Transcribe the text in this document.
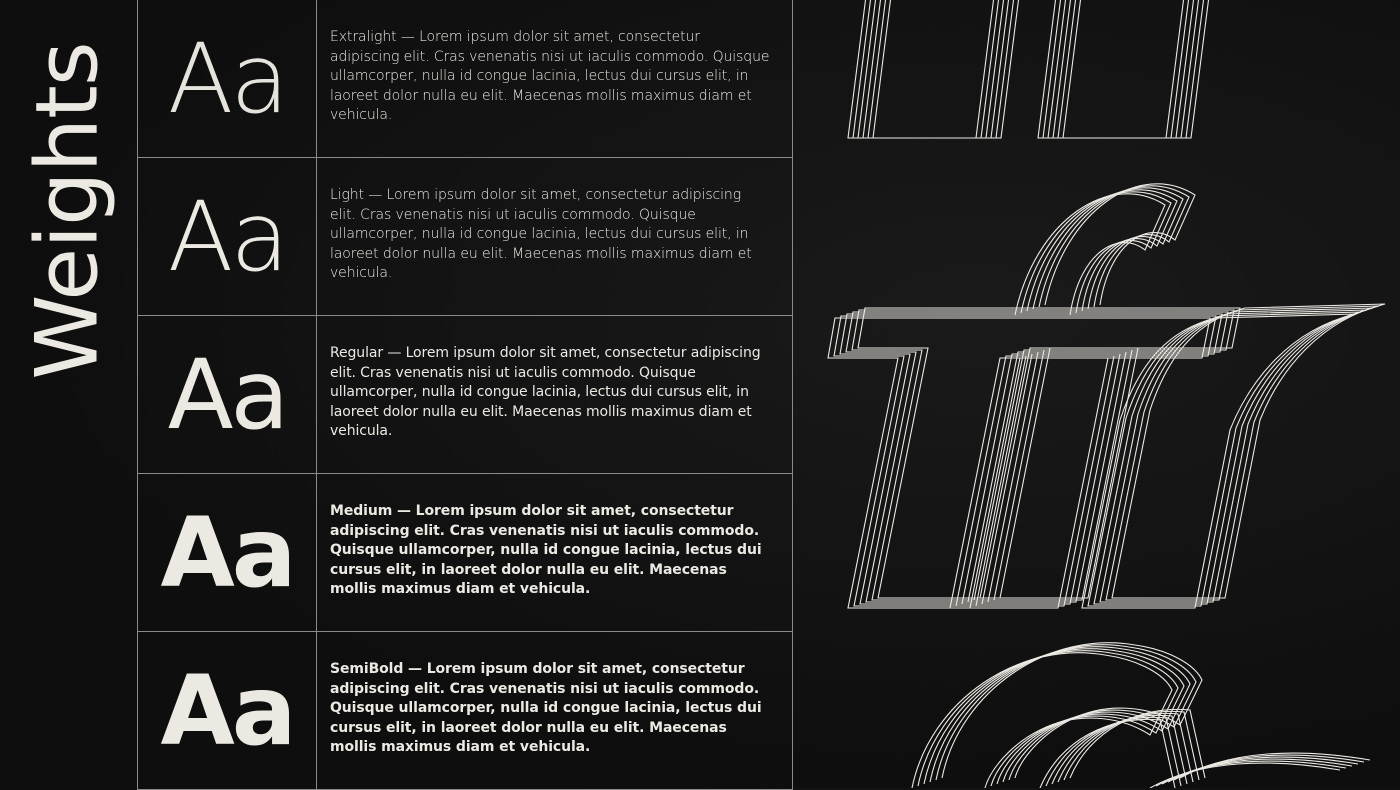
Weights Aa	Extralight — Lorem ipsum dolor sit amet, consectetur adipiscing elit. Cras venenatis nisi ut iaculis commodo. Quisque ullamcorper, nulla id congue lacinia, lectus dui cursus elit, in laoreet dolor nulla eu elit. Maecenas mollis maximus diam et vehicula.
Aa	Light — Lorem ipsum dolor sit amet, consectetur adipiscing elit. Cras venenatis nisi ut iaculis commodo. Quisque ullamcorper, nulla id congue lacinia, lectus dui cursus elit, in laoreet dolor nulla eu elit. Maecenas mollis maximus diam et vehicula.
Aa	Regular — Lorem ipsum dolor sit amet, consectetur adipiscing elit. Cras venenatis nisi ut iaculis commodo. Quisque ullamcorper, nulla id congue lacinia, lectus dui cursus elit, in laoreet dolor nulla eu elit. Maecenas mollis maximus diam et vehicula.
Aa	Medium — Lorem ipsum dolor sit amet, consectetur adipiscing elit. Cras venenatis nisi ut iaculis commodo. Quisque ullamcorper, nulla id congue lacinia, lectus dui cursus elit, in laoreet dolor nulla eu elit. Maecenas mollis maximus diam et vehicula.
Aa	SemiBold — Lorem ipsum dolor sit amet, consectetur adipiscing elit. Cras venenatis nisi ut iaculis commodo. Quisque ullamcorper, nulla id congue lacinia, lectus dui cursus elit, in laoreet dolor nulla eu elit. Maecenas mollis maximus diam et vehicula.
